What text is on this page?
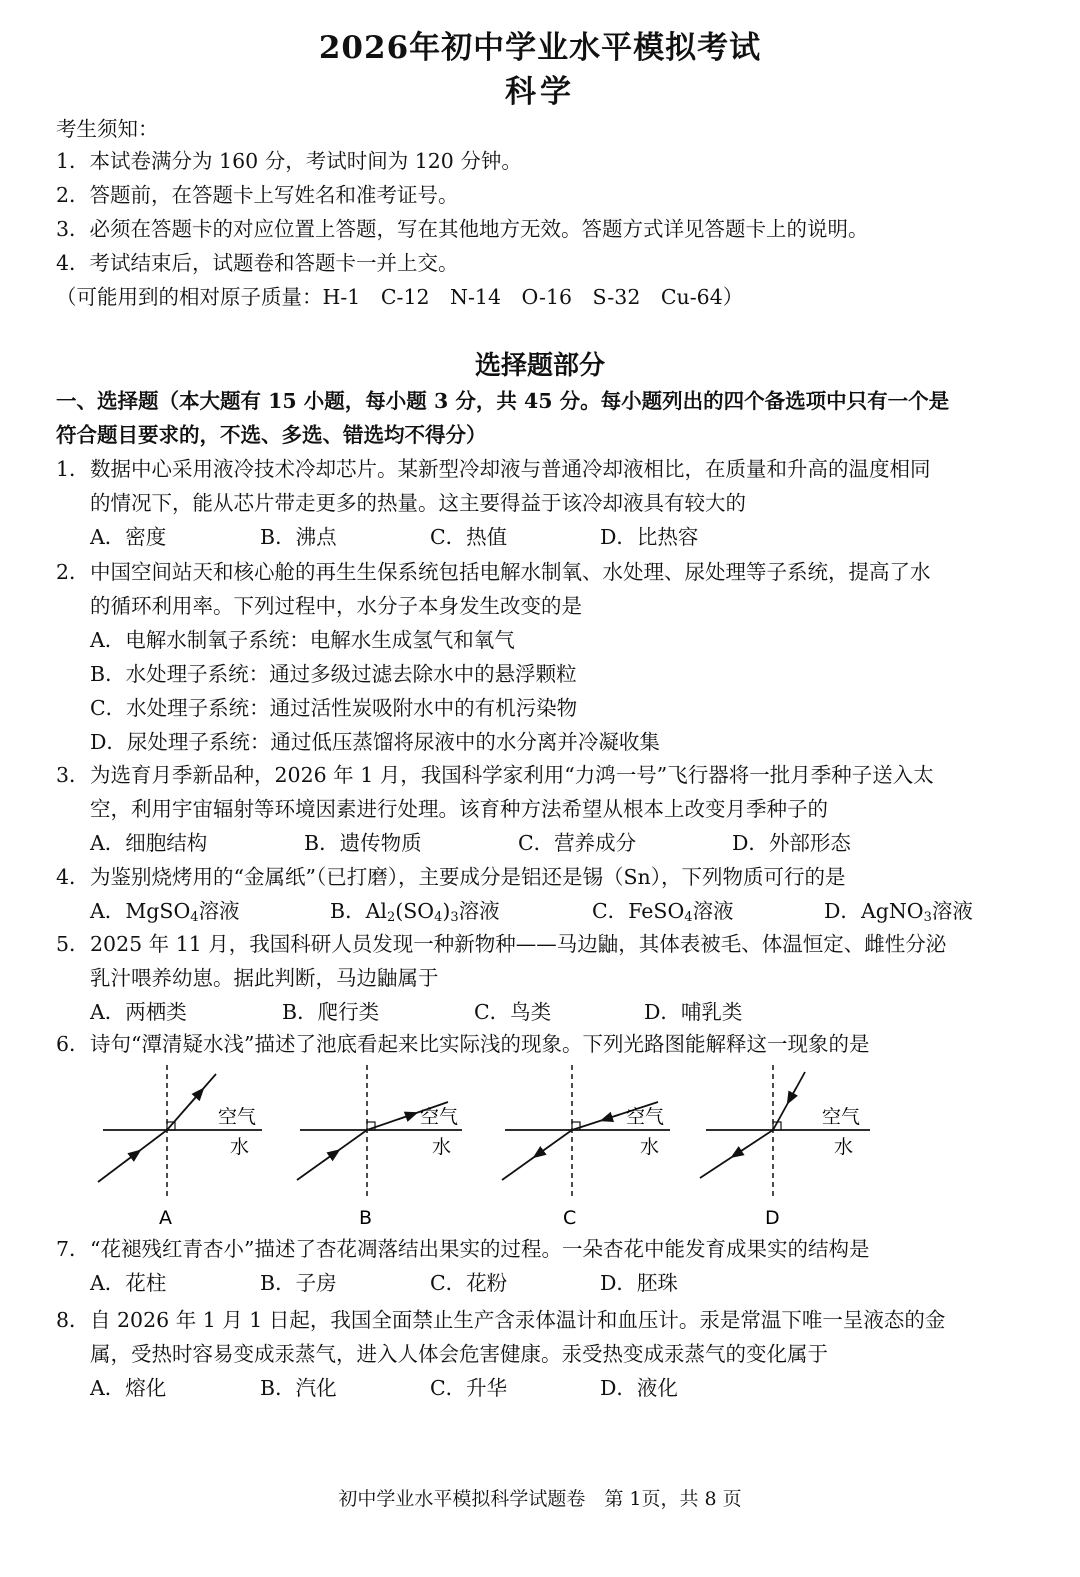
2026年初中学业水平模拟考试
科学
考生须知：
1．本试卷满分为 160 分，考试时间为 120 分钟。
2．答题前，在答题卡上写姓名和准考证号。
3．必须在答题卡的对应位置上答题，写在其他地方无效。答题方式详见答题卡上的说明。
4．考试结束后，试题卷和答题卡一并上交。
（可能用到的相对原子质量：H-1　C-12　N-14　O-16　S-32　Cu-64）
选择题部分
一、选择题（本大题有 15 小题，每小题 3 分，共 45 分。每小题列出的四个备选项中只有一个是
符合题目要求的，不选、多选、错选均不得分）
1．数据中心采用液冷技术冷却芯片。某新型冷却液与普通冷却液相比，在质量和升高的温度相同
的情况下，能从芯片带走更多的热量。这主要得益于该冷却液具有较大的
A．密度	B．沸点	C．热值	D．比热容
2．中国空间站天和核心舱的再生生保系统包括电解水制氧、水处理、尿处理等子系统，提高了水
的循环利用率。下列过程中，水分子本身发生改变的是
A．电解水制氧子系统：电解水生成氢气和氧气
B．水处理子系统：通过多级过滤去除水中的悬浮颗粒
C．水处理子系统：通过活性炭吸附水中的有机污染物
D．尿处理子系统：通过低压蒸馏将尿液中的水分离并冷凝收集
3．为选育月季新品种，2026 年 1 月，我国科学家利用“力鸿一号”飞行器将一批月季种子送入太
空，利用宇宙辐射等环境因素进行处理。该育种方法希望从根本上改变月季种子的
A．细胞结构	B．遗传物质	C．营养成分	D．外部形态
4．为鉴别烧烤用的“金属纸”（已打磨），主要成分是铝还是锡（Sn），下列物质可行的是
A．MgSO$_4$溶液	B．$Al_2(SO_4)_3$溶液	C．FeSO$_4$溶液	D．AgNO$_3$溶液
5．2025 年 11 月，我国科研人员发现一种新物种——马边鼬，其体表被毛、体温恒定、雌性分泌
乳汁喂养幼崽。据此判断，马边鼬属于
A．两栖类	B．爬行类	C．鸟类	D．哺乳类
6．诗句“潭清疑水浅”描述了池底看起来比实际浅的现象。下列光路图能解释这一现象的是
空气
水
A
空气
水
B
空气
水
C
空气
水
D
7．“花褪残红青杏小”描述了杏花凋落结出果实的过程。一朵杏花中能发育成果实的结构是
A．花柱	B．子房	C．花粉	D．胚珠
8．自 2026 年 1 月 1 日起，我国全面禁止生产含汞体温计和血压计。汞是常温下唯一呈液态的金
属，受热时容易变成汞蒸气，进入人体会危害健康。汞受热变成汞蒸气的变化属于
A．熔化	B．汽化	C．升华	D．液化
初中学业水平模拟科学试题卷　第 1页，共 8 页
